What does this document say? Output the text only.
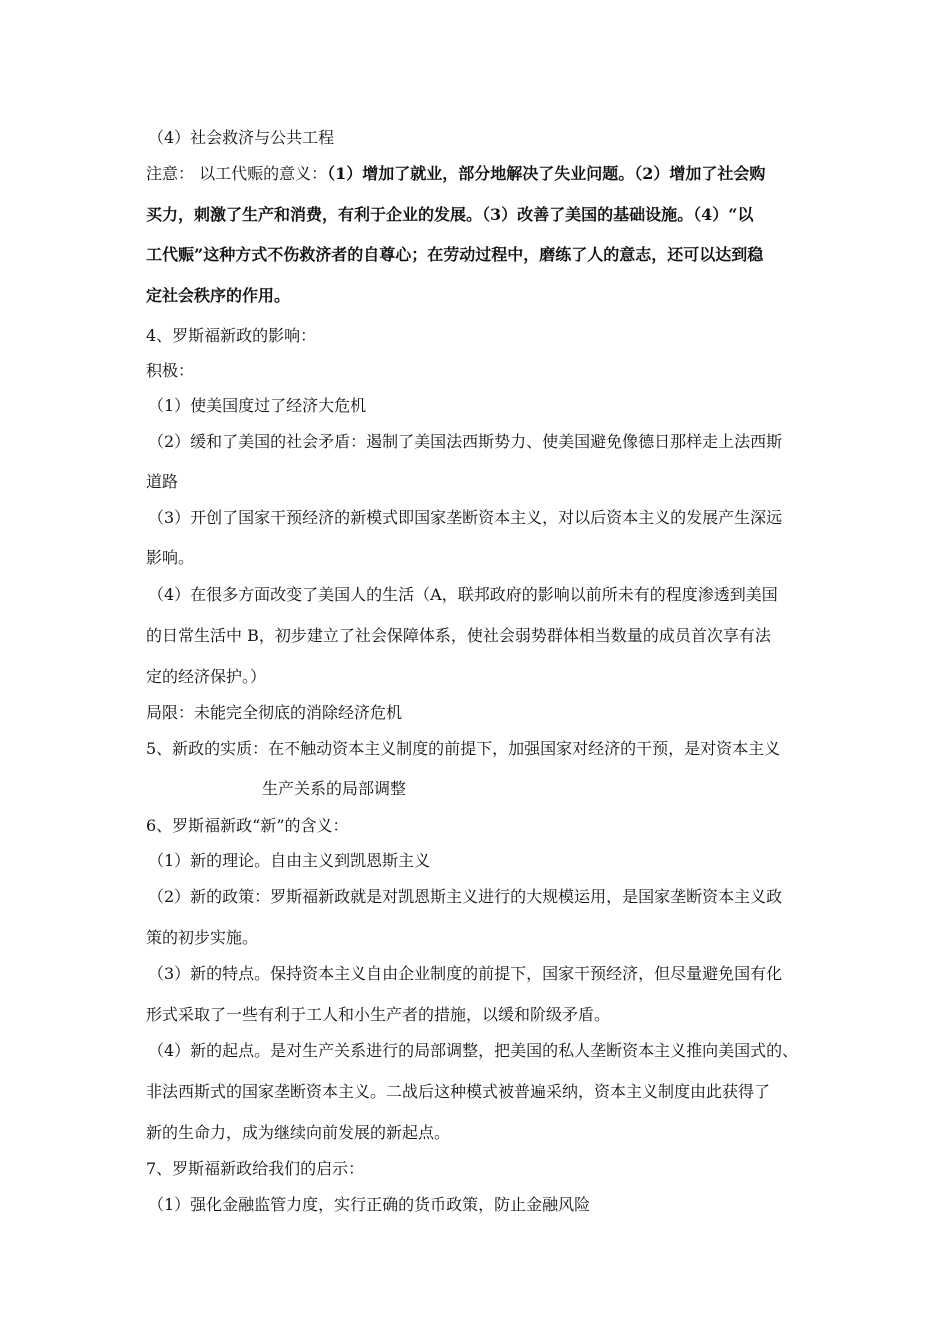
（4）社会救济与公共工程
注意： 以工代赈的意义：（1）增加了就业，部分地解决了失业问题。（2）增加了社会购
买力，刺激了生产和消费，有利于企业的发展。（3）改善了美国的基础设施。（4）“以
工代赈”这种方式不伤救济者的自尊心；在劳动过程中，磨练了人的意志，还可以达到稳
定社会秩序的作用。
4、罗斯福新政的影响：
积极：
（1）使美国度过了经济大危机
（2）缓和了美国的社会矛盾：遏制了美国法西斯势力、使美国避免像德日那样走上法西斯
道路
（3）开创了国家干预经济的新模式即国家垄断资本主义，对以后资本主义的发展产生深远
影响。
（4）在很多方面改变了美国人的生活（A，联邦政府的影响以前所未有的程度渗透到美国
的日常生活中 B，初步建立了社会保障体系，使社会弱势群体相当数量的成员首次享有法
定的经济保护。）
局限：未能完全彻底的消除经济危机
5、新政的实质：在不触动资本主义制度的前提下，加强国家对经济的干预，是对资本主义
生产关系的局部调整
6、罗斯福新政“新”的含义：
（1）新的理论。自由主义到凯恩斯主义
（2）新的政策：罗斯福新政就是对凯恩斯主义进行的大规模运用，是国家垄断资本主义政
策的初步实施。
（3）新的特点。保持资本主义自由企业制度的前提下，国家干预经济，但尽量避免国有化
形式采取了一些有利于工人和小生产者的措施，以缓和阶级矛盾。
（4）新的起点。是对生产关系进行的局部调整，把美国的私人垄断资本主义推向美国式的、
非法西斯式的国家垄断资本主义。二战后这种模式被普遍采纳，资本主义制度由此获得了
新的生命力，成为继续向前发展的新起点。
7、罗斯福新政给我们的启示：
（1）强化金融监管力度，实行正确的货币政策，防止金融风险
